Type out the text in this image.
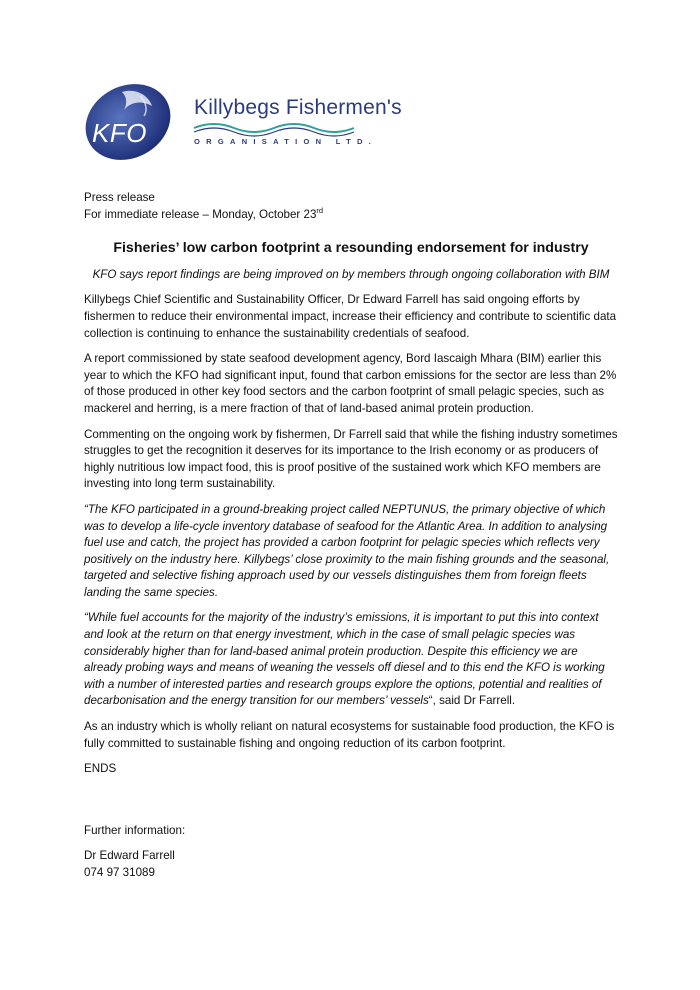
KFO
Killybegs Fishermen's
ORGANISATION LTD.

Press release

For immediate release – Monday, October 23rd

Fisheries’ low carbon footprint a resounding endorsement for industry

KFO says report findings are being improved on by members through ongoing collaboration with BIM

Killybegs Chief Scientific and Sustainability Officer, Dr Edward Farrell has said ongoing efforts by fishermen to reduce their environmental impact, increase their efficiency and contribute to scientific data collection is continuing to enhance the sustainability credentials of seafood.

A report commissioned by state seafood development agency, Bord Iascaigh Mhara (BIM) earlier this year to which the KFO had significant input, found that carbon emissions for the sector are less than 2% of those produced in other key food sectors and the carbon footprint of small pelagic species, such as mackerel and herring, is a mere fraction of that of land-based animal protein production.

Commenting on the ongoing work by fishermen, Dr Farrell said that while the fishing industry sometimes struggles to get the recognition it deserves for its importance to the Irish economy or as producers of highly nutritious low impact food, this is proof positive of the sustained work which KFO members are investing into long term sustainability.

“The KFO participated in a ground-breaking project called NEPTUNUS, the primary objective of which was to develop a life-cycle inventory database of seafood for the Atlantic Area. In addition to analysing fuel use and catch, the project has provided a carbon footprint for pelagic species which reflects very positively on the industry here. Killybegs’ close proximity to the main fishing grounds and the seasonal, targeted and selective fishing approach used by our vessels distinguishes them from foreign fleets landing the same species.

“While fuel accounts for the majority of the industry’s emissions, it is important to put this into context and look at the return on that energy investment, which in the case of small pelagic species was considerably higher than for land-based animal protein production. Despite this efficiency we are already probing ways and means of weaning the vessels off diesel and to this end the KFO is working with a number of interested parties and research groups explore the options, potential and realities of decarbonisation and the energy transition for our members’ vessels“, said Dr Farrell.

As an industry which is wholly reliant on natural ecosystems for sustainable food production, the KFO is fully committed to sustainable fishing and ongoing reduction of its carbon footprint.

ENDS

Further information:

Dr Edward Farrell

074 97 31089
